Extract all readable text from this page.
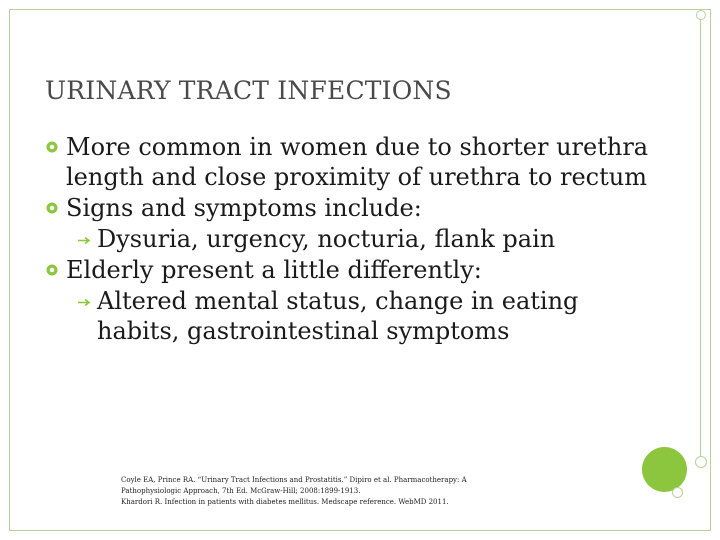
URINARY TRACT INFECTIONS
More common in women due to shorter urethra length and close proximity of urethra to rectum
Signs and symptoms include:
Dysuria, urgency, nocturia, flank pain
Elderly present a little differently:
Altered mental status, change in eating habits, gastrointestinal symptoms
Coyle EA, Prince RA. “Urinary Tract Infections and Prostatitis.” Dipiro et al. Pharmacotherapy: A
Pathophysiologic Approach, 7th Ed. McGraw-Hill; 2008:1899-1913.
Khardori R. Infection in patients with diabetes mellitus. Medscape reference. WebMD 2011.
